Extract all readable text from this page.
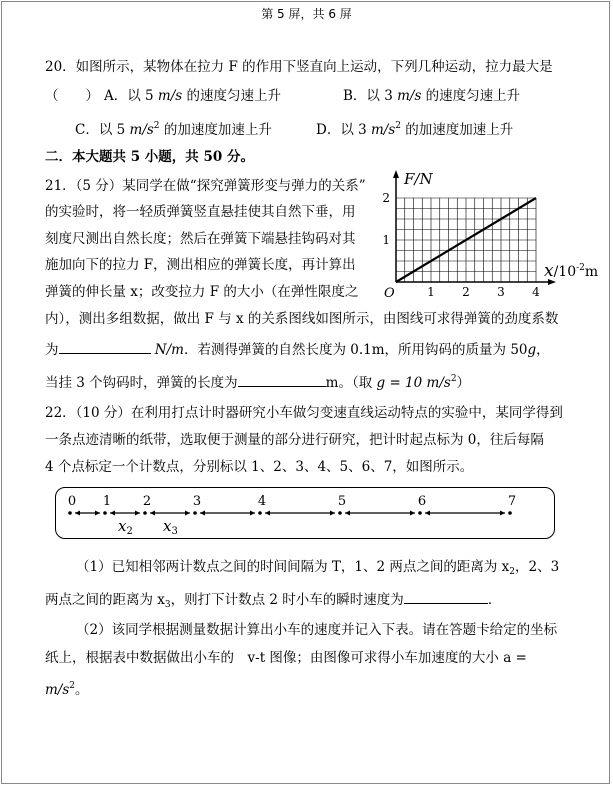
第 5 屏，共 6 屏
20．如图所示，某物体在拉力 F 的作用下竖直向上运动，下列几种运动，拉力最大是
（　　） A．以 5 m/s 的速度匀速上升	B．以 3 m/s 的速度匀速上升
C．以 5 $m/s^2$ 的加速度加速上升	D．以 3 $m/s^2$ 的加速度加速上升
二．本大题共 5 小题，共 50 分。
21．（5 分）某同学在做“探究弹簧形变与弹力的关系”
的实验时，将一轻质弹簧竖直悬挂使其自然下垂，用
刻度尺测出自然长度；然后在弹簧下端悬挂钩码对其
施加向下的拉力 F，测出相应的弹簧长度，再计算出
弹簧的伸长量 x；改变拉力 F 的大小（在弹性限度之
内），测出多组数据，做出 F 与 x 的关系图线如图所示，由图线可求得弹簧的劲度系数
为	N/m．若测得弹簧的自然长度为 0.1m，所用钩码的质量为 50g，
当挂 3 个钩码时，弹簧的长度为	m。（取 g = 10 $m/s^2$）
1 2 3 4
1
2
F/N
O
$x/10^{-2}m$
22．（10 分）在利用打点计时器研究小车做匀变速直线运动特点的实验中，某同学得到
一条点迹清晰的纸带，选取便于测量的部分进行研究，把计时起点标为 0，往后每隔
4 个点标定一个计数点，分别标以 1、2、3、4、5、6、7，如图所示。
0 1 2	3	4	5	6	7
$x_2$ $x_3$
（1）已知相邻两计数点之间的时间间隔为 T，1、2 两点之间的距离为 $x_2$，2、3
两点之间的距离为 $x_3$，则打下计数点 2 时小车的瞬时速度为	．
（2）该同学根据测量数据计算出小车的速度并记入下表。请在答题卡给定的坐标
纸上，根据表中数据做出小车的　v-t 图像；由图像可求得小车加速度的大小 a =
$m/s^2$。
